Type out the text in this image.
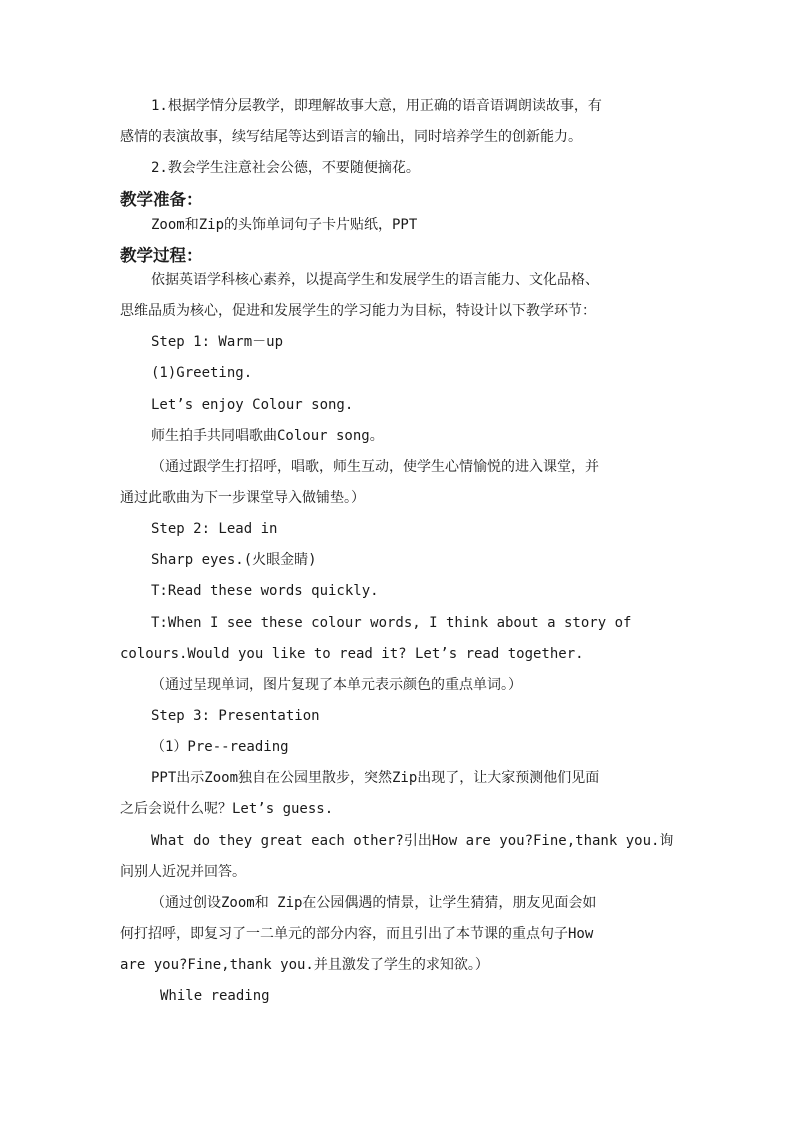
1.根据学情分层教学，即理解故事大意，用正确的语音语调朗读故事，有
感情的表演故事，续写结尾等达到语言的输出，同时培养学生的创新能力。
2.教会学生注意社会公德，不要随便摘花。
教学准备：
Zoom和Zip的头饰单词句子卡片贴纸，PPT
教学过程：
依据英语学科核心素养，以提高学生和发展学生的语言能力、文化品格、
思维品质为核心，促进和发展学生的学习能力为目标，特设计以下教学环节：
Step 1: Warm－up
(1)Greeting.
Let’s enjoy Colour song.
师生拍手共同唱歌曲Colour song。
（通过跟学生打招呼，唱歌，师生互动，使学生心情愉悦的进入课堂，并
通过此歌曲为下一步课堂导入做铺垫。）
Step 2: Lead in
Sharp eyes.(火眼金睛)
T:Read these words quickly.
T:When I see these colour words, I think about a story of
colours.Would you like to read it? Let’s read together.
（通过呈现单词，图片复现了本单元表示颜色的重点单词。）
Step 3: Presentation
（1）Pre--reading
PPT出示Zoom独自在公园里散步，突然Zip出现了，让大家预测他们见面
之后会说什么呢？Let’s guess.
What do they great each other?引出How are you?Fine,thank you.询
问别人近况并回答。
（通过创设Zoom和 Zip在公园偶遇的情景，让学生猜猜，朋友见面会如
何打招呼，即复习了一二单元的部分内容，而且引出了本节课的重点句子How
are you?Fine,thank you.并且激发了学生的求知欲。）
While reading
